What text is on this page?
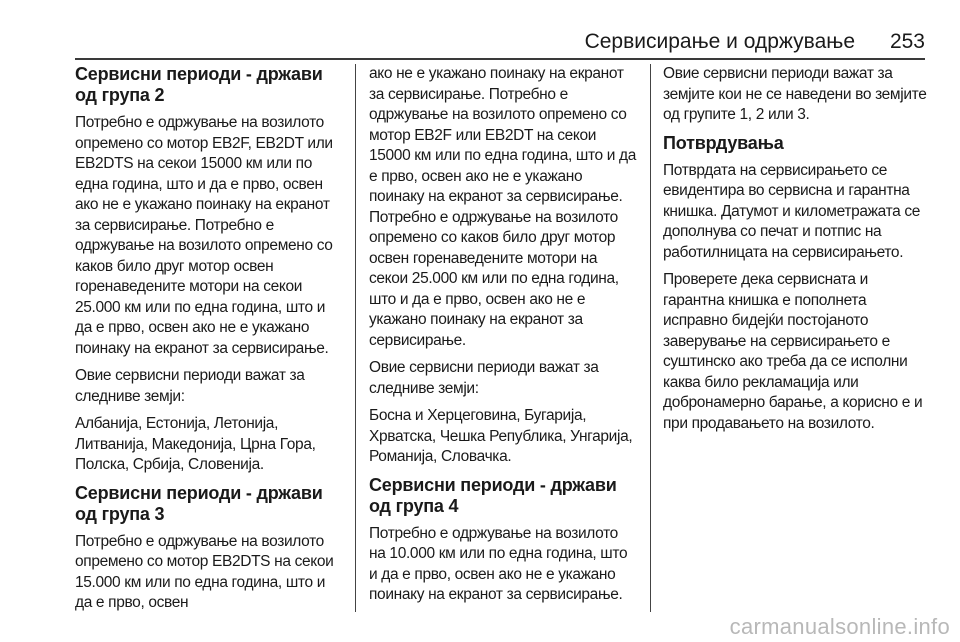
Сервисирање и одржување 253
Сервисни периоди - држави од група 2

Потребно е одржување на возилото опремено со мотор EB2F, EB2DT или EB2DTS на секои 15000 км или по една година, што и да е прво, освен ако не е укажано поинаку на екранот за сервисирање. Потребно е одржување на возилото опремено со каков било друг мотор освен горенаведените мотори на секои 25.000 км или по една година, што и да е прво, освен ако не е укажано поинаку на екранот за сервисирање.

Овие сервисни периоди важат за следниве земји:

Албанија, Естонија, Летонија, Литванија, Македонија, Црна Гора, Полска, Србија, Словенија.

Сервисни периоди - држави од група 3

Потребно е одржување на возилото опремено со мотор EB2DTS на секои 15.000 км или по една година, што и да е прво, освен

ако не е укажано поинаку на екранот за сервисирање. Потребно е одржување на возилото опремено со мотор EB2F или EB2DT на секои 15000 км или по една година, што и да е прво, освен ако не е укажано поинаку на екранот за сервисирање. Потребно е одржување на возилото опремено со каков било друг мотор освен горенаведените мотори на секои 25.000 км или по една година, што и да е прво, освен ако не е укажано поинаку на екранот за сервисирање.

Овие сервисни периоди важат за следниве земји:

Босна и Херцеговина, Бугарија, Хрватска, Чешка Република, Унгарија, Романија, Словачка.

Сервисни периоди - држави од група 4

Потребно е одржување на возилото на 10.000 км или по една година, што и да е прво, освен ако не е укажано поинаку на екранот за сервисирање.

Овие сервисни периоди важат за земјите кои не се наведени во земјите од групите 1, 2 или 3.

Потврдувања

Потврдата на сервисирањето се евидентира во сервисна и гарантна книшка. Датумот и километражата се дополнува со печат и потпис на работилницата на сервисирањето.

Проверете дека сервисната и гарантна книшка е пополнета исправно бидејќи постојаното заверување на сервисирањето е суштинско ако треба да се исполни каква било рекламација или добронамерно барање, а корисно е и при продавањето на возилото.

carmanualsonline.info
